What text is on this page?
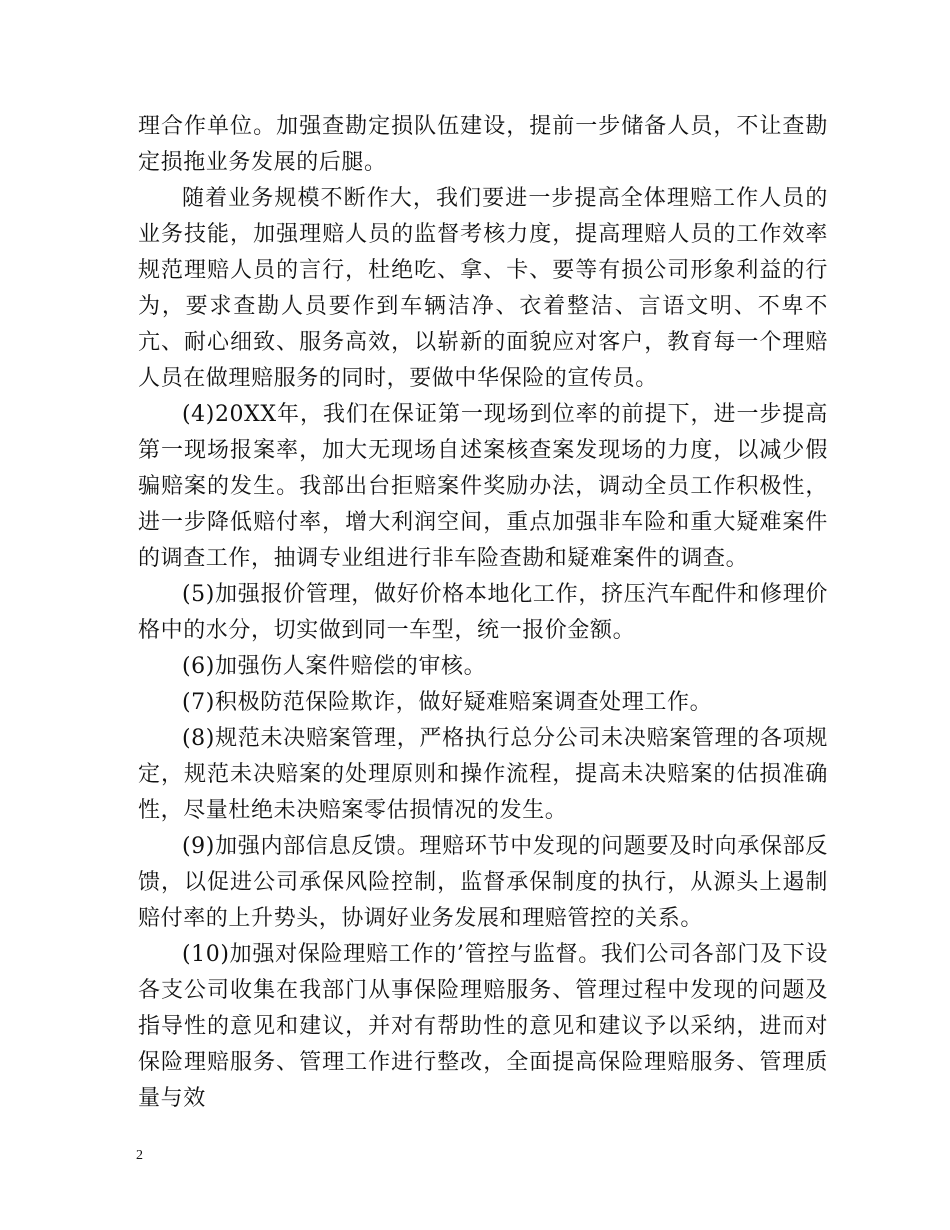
理合作单位。加强查勘定损队伍建设，提前一步储备人员，不让查勘定损拖业务发展的后腿。

随着业务规模不断作大，我们要进一步提高全体理赔工作人员的业务技能，加强理赔人员的监督考核力度，提高理赔人员的工作效率规范理赔人员的言行，杜绝吃、拿、卡、要等有损公司形象利益的行为，要求查勘人员要作到车辆洁净、衣着整洁、言语文明、不卑不亢、耐心细致、服务高效，以崭新的面貌应对客户，教育每一个理赔人员在做理赔服务的同时，要做中华保险的宣传员。

(4)20XX年，我们在保证第一现场到位率的前提下，进一步提高第一现场报案率，加大无现场自述案核查案发现场的力度，以减少假骗赔案的发生。我部出台拒赔案件奖励办法，调动全员工作积极性，进一步降低赔付率，增大利润空间，重点加强非车险和重大疑难案件的调查工作，抽调专业组进行非车险查勘和疑难案件的调查。

(5)加强报价管理，做好价格本地化工作，挤压汽车配件和修理价格中的水分，切实做到同一车型，统一报价金额。

(6)加强伤人案件赔偿的审核。

(7)积极防范保险欺诈，做好疑难赔案调查处理工作。

(8)规范未决赔案管理，严格执行总分公司未决赔案管理的各项规定，规范未决赔案的处理原则和操作流程，提高未决赔案的估损准确性，尽量杜绝未决赔案零估损情况的发生。

(9)加强内部信息反馈。理赔环节中发现的问题要及时向承保部反馈，以促进公司承保风险控制，监督承保制度的执行，从源头上遏制赔付率的上升势头，协调好业务发展和理赔管控的关系。

(10)加强对保险理赔工作的’管控与监督。我们公司各部门及下设各支公司收集在我部门从事保险理赔服务、管理过程中发现的问题及指导性的意见和建议，并对有帮助性的意见和建议予以采纳，进而对保险理赔服务、管理工作进行整改，全面提高保险理赔服务、管理质量与效

2
